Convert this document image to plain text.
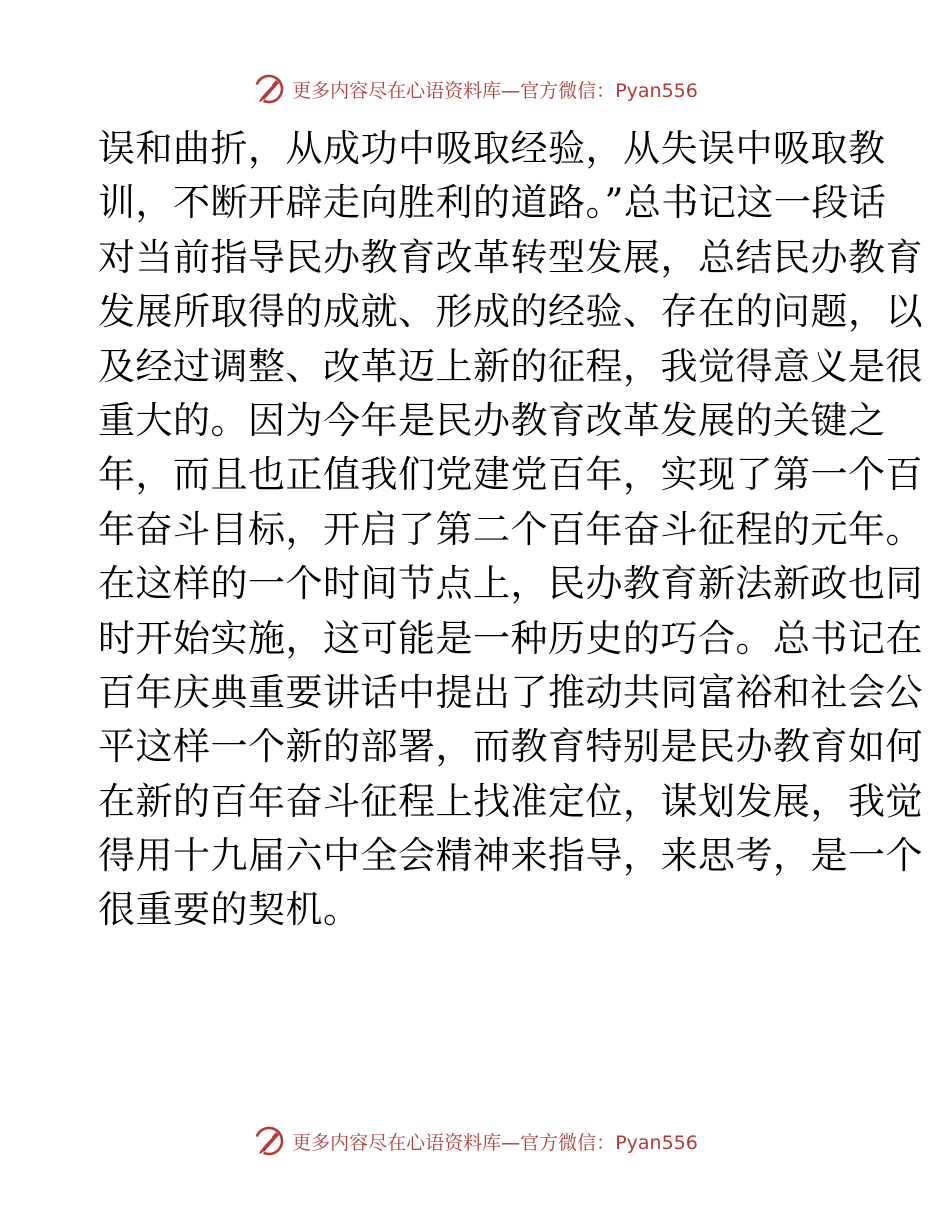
更多内容尽在心语资料库—官方微信：Pyan556
误和曲折，从成功中吸取经验，从失误中吸取教
训，不断开辟走向胜利的道路。”总书记这一段话
对当前指导民办教育改革转型发展，总结民办教育
发展所取得的成就、形成的经验、存在的问题，以
及经过调整、改革迈上新的征程，我觉得意义是很
重大的。因为今年是民办教育改革发展的关键之
年，而且也正值我们党建党百年，实现了第一个百
年奋斗目标，开启了第二个百年奋斗征程的元年。
在这样的一个时间节点上，民办教育新法新政也同
时开始实施，这可能是一种历史的巧合。总书记在
百年庆典重要讲话中提出了推动共同富裕和社会公
平这样一个新的部署，而教育特别是民办教育如何
在新的百年奋斗征程上找准定位，谋划发展，我觉
得用十九届六中全会精神来指导，来思考，是一个
很重要的契机。
更多内容尽在心语资料库—官方微信：Pyan556
